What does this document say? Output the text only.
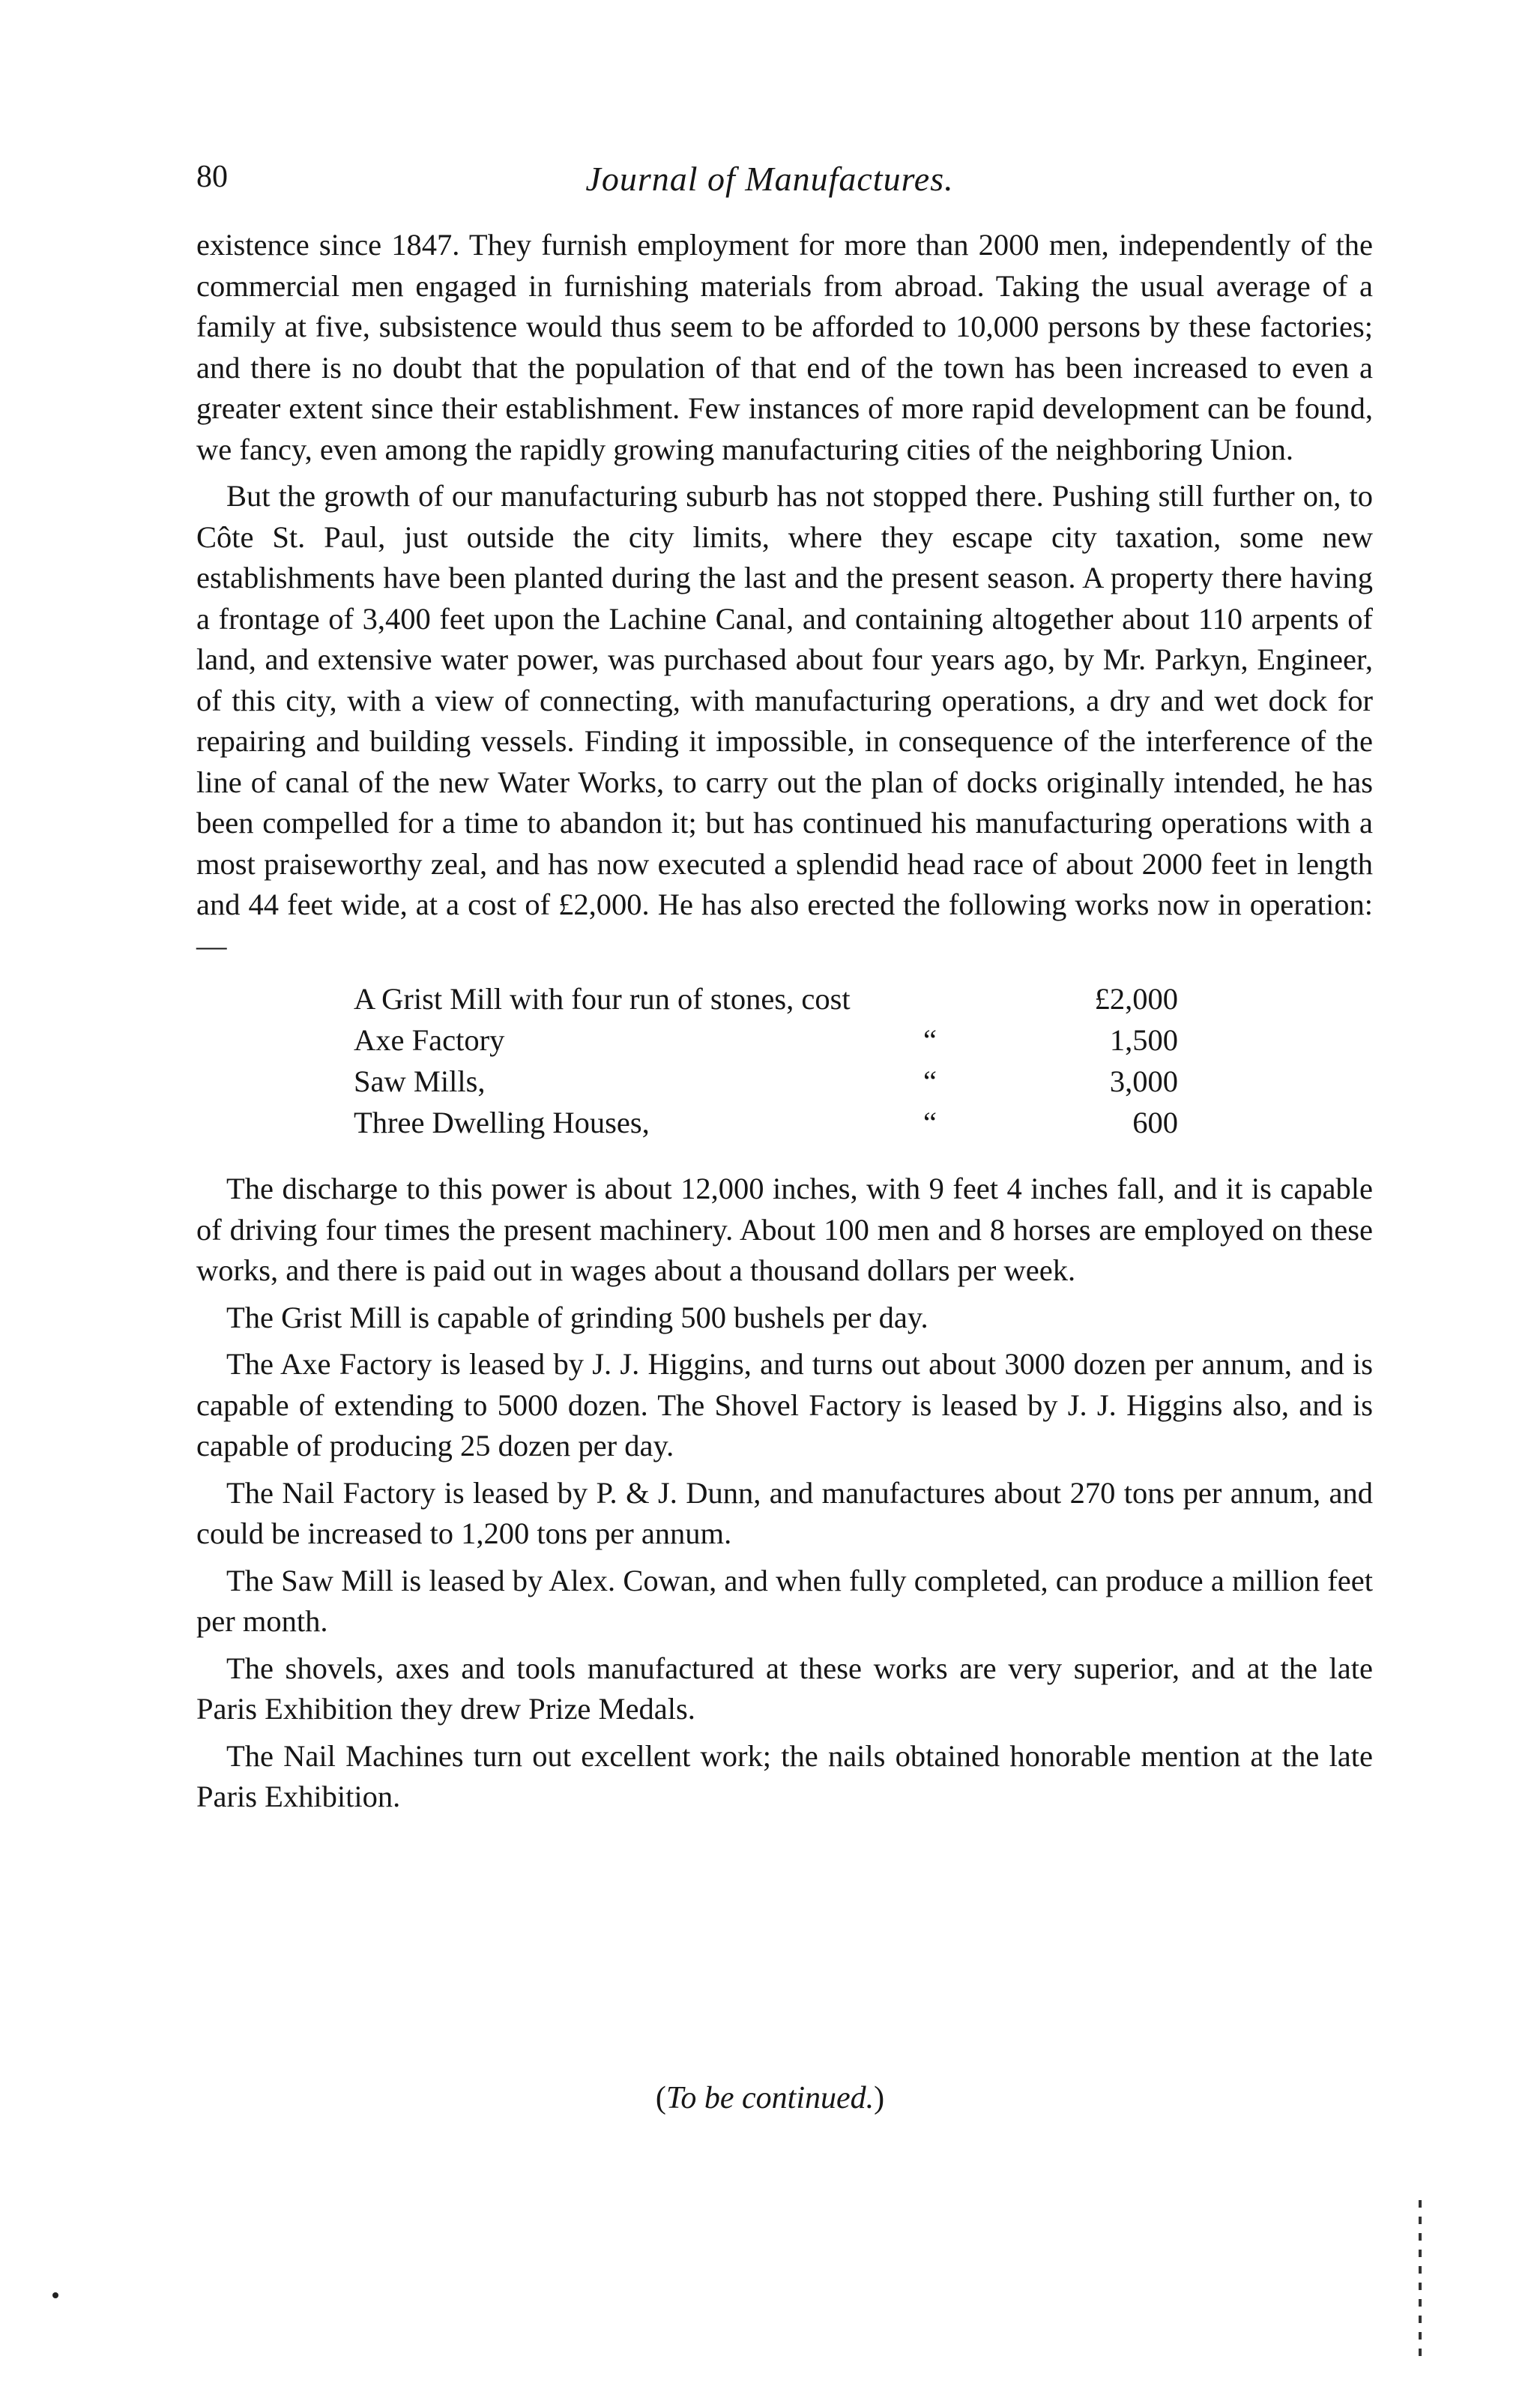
80	Journal of Manufactures.

existence since 1847. They furnish employment for more than 2000 men, independently of the commercial men engaged in furnishing materials from abroad. Taking the usual average of a family at five, subsistence would thus seem to be afforded to 10,000 persons by these factories; and there is no doubt that the population of that end of the town has been increased to even a greater extent since their establishment. Few instances of more rapid development can be found, we fancy, even among the rapidly growing manufacturing cities of the neighboring Union.

But the growth of our manufacturing suburb has not stopped there. Pushing still further on, to Côte St. Paul, just outside the city limits, where they escape city taxation, some new establishments have been planted during the last and the present season. A property there having a frontage of 3,400 feet upon the Lachine Canal, and containing altogether about 110 arpents of land, and extensive water power, was purchased about four years ago, by Mr. Parkyn, Engineer, of this city, with a view of connecting, with manufacturing operations, a dry and wet dock for repairing and building vessels. Finding it impossible, in consequence of the interference of the line of canal of the new Water Works, to carry out the plan of docks originally intended, he has been compelled for a time to abandon it; but has continued his manufacturing operations with a most praiseworthy zeal, and has now executed a splendid head race of about 2000 feet in length and 44 feet wide, at a cost of £2,000. He has also erected the following works now in operation:—

A Grist Mill with four run of stones, cost		£2,000
Axe Factory	“	1,500
Saw Mills,	“	3,000
Three Dwelling Houses,	“	600

The discharge to this power is about 12,000 inches, with 9 feet 4 inches fall, and it is capable of driving four times the present machinery. About 100 men and 8 horses are employed on these works, and there is paid out in wages about a thousand dollars per week.

The Grist Mill is capable of grinding 500 bushels per day.

The Axe Factory is leased by J. J. Higgins, and turns out about 3000 dozen per annum, and is capable of extending to 5000 dozen. The Shovel Factory is leased by J. J. Higgins also, and is capable of producing 25 dozen per day.

The Nail Factory is leased by P. & J. Dunn, and manufactures about 270 tons per annum, and could be increased to 1,200 tons per annum.

The Saw Mill is leased by Alex. Cowan, and when fully completed, can produce a million feet per month.

The shovels, axes and tools manufactured at these works are very superior, and at the late Paris Exhibition they drew Prize Medals.

The Nail Machines turn out excellent work; the nails obtained honorable mention at the late Paris Exhibition.

(To be continued.)
